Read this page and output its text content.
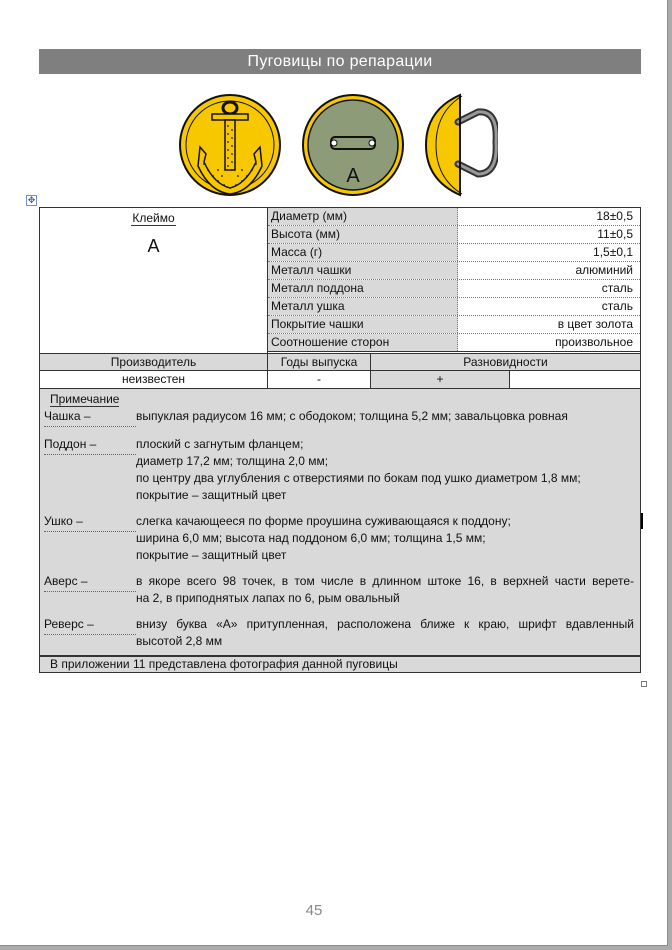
Пуговицы по репарации
А
✥
Клеймо
А
Диаметр (мм)	18±0,5
Высота (мм)	11±0,5
Масса (г)	1,5±0,1
Металл чашки	алюминий
Металл поддона	сталь
Металл ушка	сталь
Покрытие чашки	в цвет золота
Соотношение сторон	произвольное
Производитель	Годы выпуска	Разновидности
неизвестен	-	+
Примечание
Чашка –	выпуклая радиусом 16 мм; с ободоком; толщина 5,2 мм; завальцовка ровная
Поддон –	плоский с загнутым фланцем;
диаметр 17,2 мм; толщина 2,0 мм;
по центру два углубления с отверстиями по бокам под ушко диаметром 1,8 мм;
покрытие – защитный цвет
Ушко –	слегка качающееся по форме проушина суживающаяся к поддону;
ширина 6,0 мм; высота над поддоном 6,0 мм; толщина 1,5 мм;
покрытие – защитный цвет
Аверс –	в якоре всего 98 точек, в том числе в длинном штоке 16, в верхней части верете-
на 2, в приподнятых лапах по 6, рым овальный
Реверс –	внизу буква «А» притупленная, расположена ближе к краю, шрифт вдавленный
высотой 2,8 мм
В приложении 11 представлена фотография данной пуговицы
45
